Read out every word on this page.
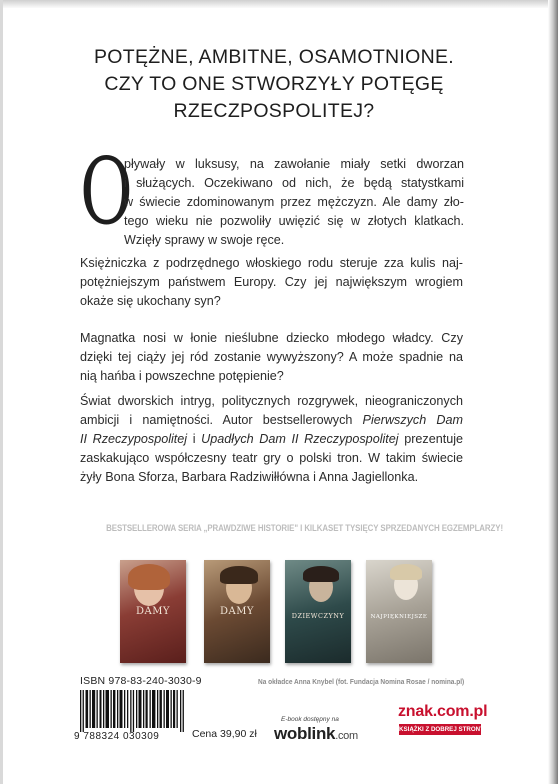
POTĘŻNE, AMBITNE, OSAMOTNIONE.
CZY TO ONE STWORZYŁY POTĘGĘ
RZECZPOSPOLITEJ?
O
pływały w luksusy, na zawołanie miały setki dworzan
i służących. Oczekiwano od nich, że będą statystkami
w świecie zdominowanym przez mężczyzn. Ale damy zło-
tego wieku nie pozwoliły uwięzić się w złotych klatkach.
Wzięły sprawy w swoje ręce.
Księżniczka z podrzędnego włoskiego rodu steruje zza kulis naj-
potężniejszym państwem Europy. Czy jej największym wrogiem
okaże się ukochany syn?
Magnatka nosi w łonie nieślubne dziecko młodego władcy. Czy
dzięki tej ciąży jej ród zostanie wywyższony? A może spadnie na
nią hańba i powszechne potępienie?
Świat dworskich intryg, politycznych rozgrywek, nieograniczonych
ambicji i namiętności. Autor bestsellerowych Pierwszych Dam
II Rzeczypospolitej i Upadłych Dam II Rzeczypospolitej prezentuje
zaskakująco współczesny teatr gry o polski tron. W takim świecie
żyły Bona Sforza, Barbara Radziwiłłówna i Anna Jagiellonka.
BESTSELLEROWA SERIA „PRAWDZIWE HISTORIE" I KILKASET TYSIĘCY SPRZEDANYCH EGZEMPLARZY!
DAMY	DAMY	DZIEWCZYNY	NAJPIĘKNIEJSZE
Na okładce Anna Knybel (fot. Fundacja Nomina Rosae / nomina.pl)
ISBN 978-83-240-3030-9
9 788324 030309	Cena 39,90 zł
E-book dostępny na
woblink.com
znak.com.pl
KSIĄŻKI Z DOBREJ STRONY
